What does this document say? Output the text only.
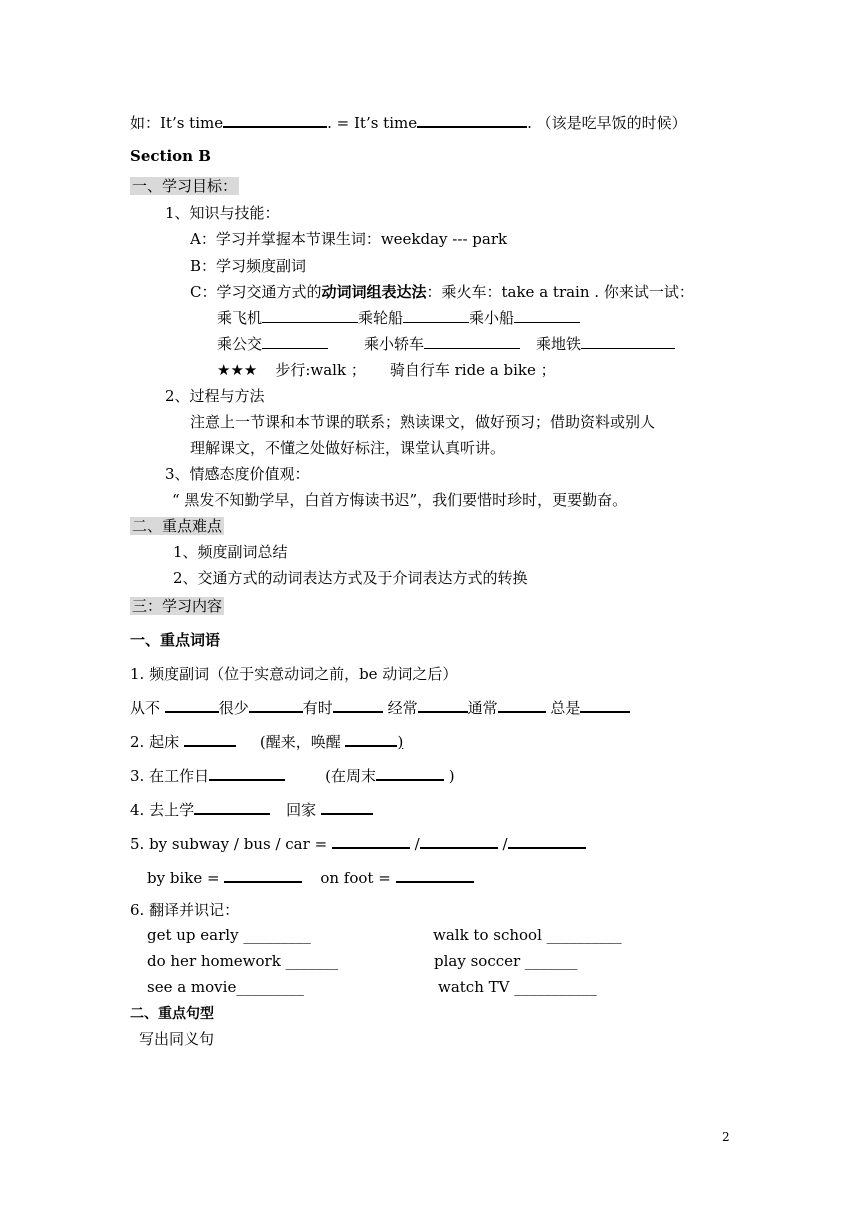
如：It’s time	. = It’s time	. （该是吃早饭的时候）
Section B
一、学习目标：
1、知识与技能：
A：学习并掌握本节课生词：weekday --- park
B：学习频度副词
C：学习交通方式的动词词组表达法：乘火车：take a train . 你来试一试：
乘飞机	乘轮船	乘小船
乘公交	乘小轿车	乘地铁
★★★ 步行:walk ； 骑自行车 ride a bike ；
2、过程与方法
注意上一节课和本节课的联系；熟读课文，做好预习；借助资料或别人
理解课文，不懂之处做好标注，课堂认真听讲。
3、情感态度价值观：
“ 黑发不知勤学早，白首方悔读书迟”，我们要惜时珍时，更要勤奋。
二、重点难点
1、频度副词总结
2、交通方式的动词表达方式及于介词表达方式的转换
三：学习内容
一、重点词语
1. 频度副词（位于实意动词之前，be 动词之后）
从不	很少	有时	经常	通常	总是
2. 起床	(醒来，唤醒	)
3. 在工作日	(在周末	)
4. 去上学	回家
5. by subway / bus / car =	/	/
by bike =	on foot =
6. 翻译并识记：
get up early _________	walk to school __________
do her homework _______	play soccer _______
see a movie_________	watch TV ___________
二、重点句型
写出同义句
2
